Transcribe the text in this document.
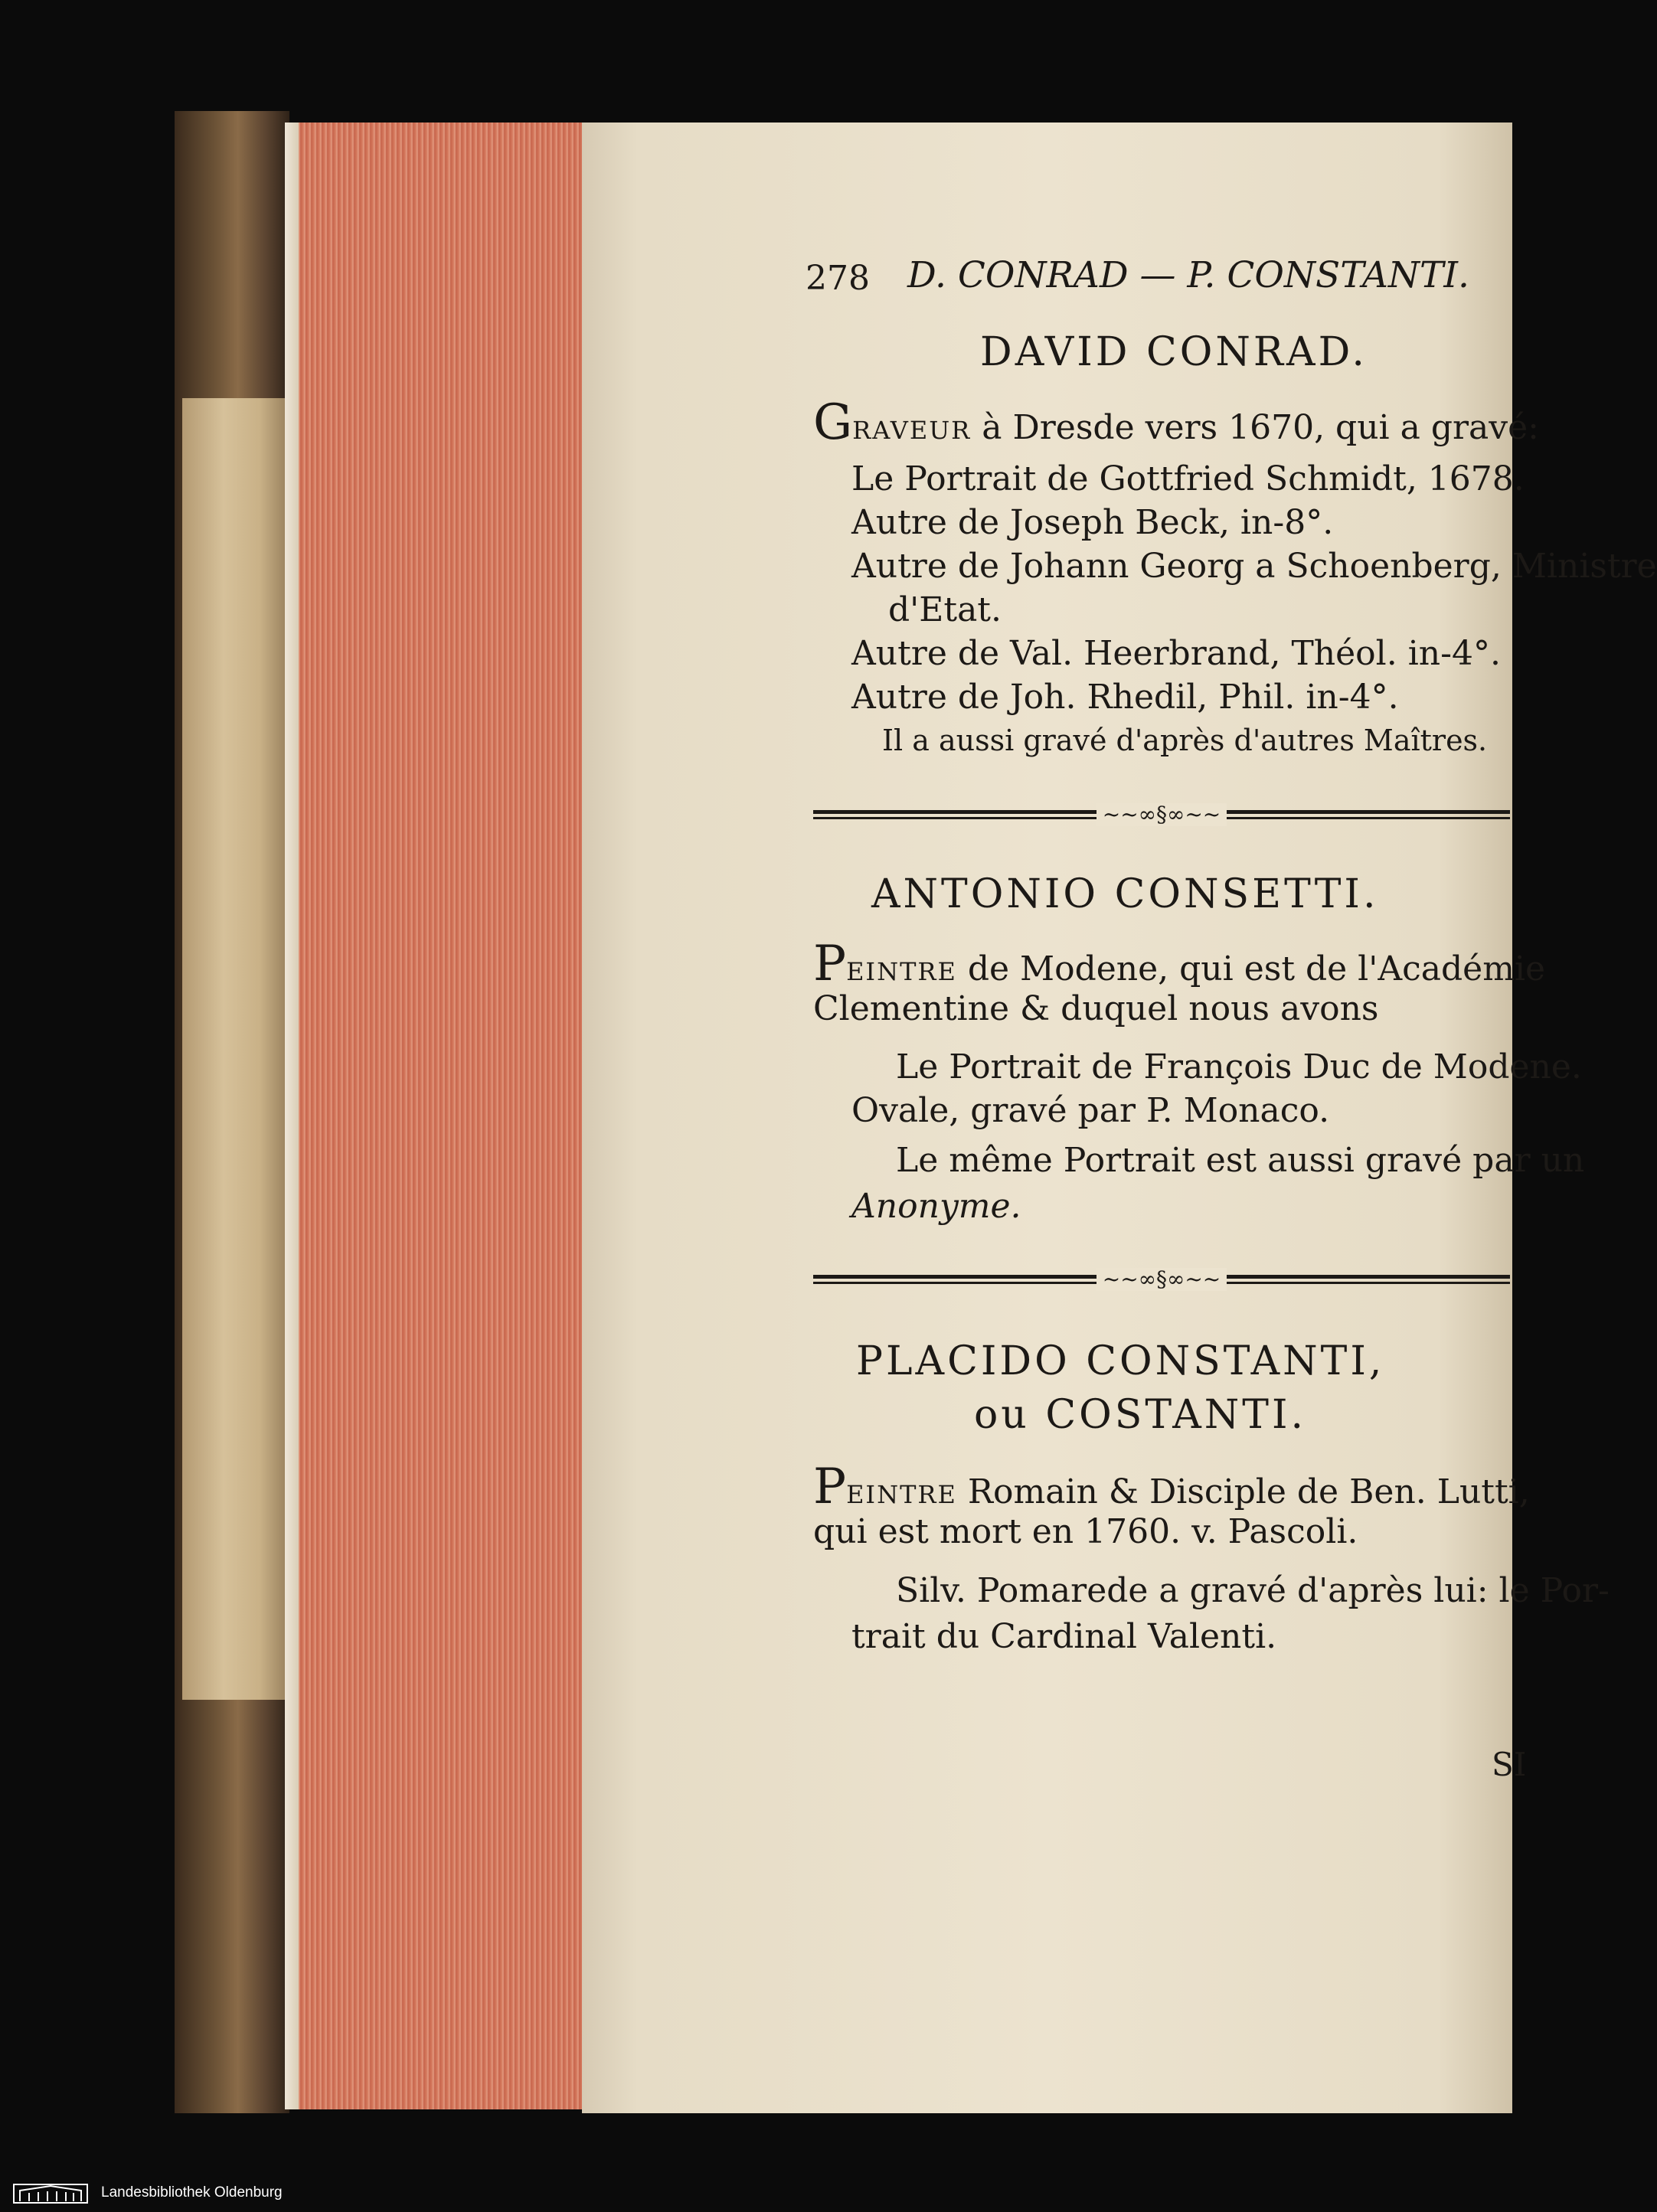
278 D. CONRAD — P. CONSTANTI.
DAVID CONRAD.
GRAVEUR à Dresde vers 1670, qui a gravé:
Le Portrait de Gottfried Schmidt, 1678.
Autre de Joseph Beck, in-8°.
Autre de Johann Georg a Schoenberg, Ministre
d'Etat.
Autre de Val. Heerbrand, Théol. in-4°.
Autre de Joh. Rhedil, Phil. in-4°.
Il a aussi gravé d'après d'autres Maîtres.
~~∞§∞~~
ANTONIO CONSETTI.
PEINTRE de Modene, qui est de l'Académie
Clementine & duquel nous avons
Le Portrait de François Duc de Modene.
Ovale, gravé par P. Monaco.
Le même Portrait est aussi gravé par un
Anonyme.
~~∞§∞~~
PLACIDO CONSTANTI,
ou COSTANTI.
PEINTRE Romain & Disciple de Ben. Lutti,
qui est mort en 1760. v. Pascoli.
Silv. Pomarede a gravé d'après lui: le Por-
trait du Cardinal Valenti.
SI
Landesbibliothek Oldenburg
